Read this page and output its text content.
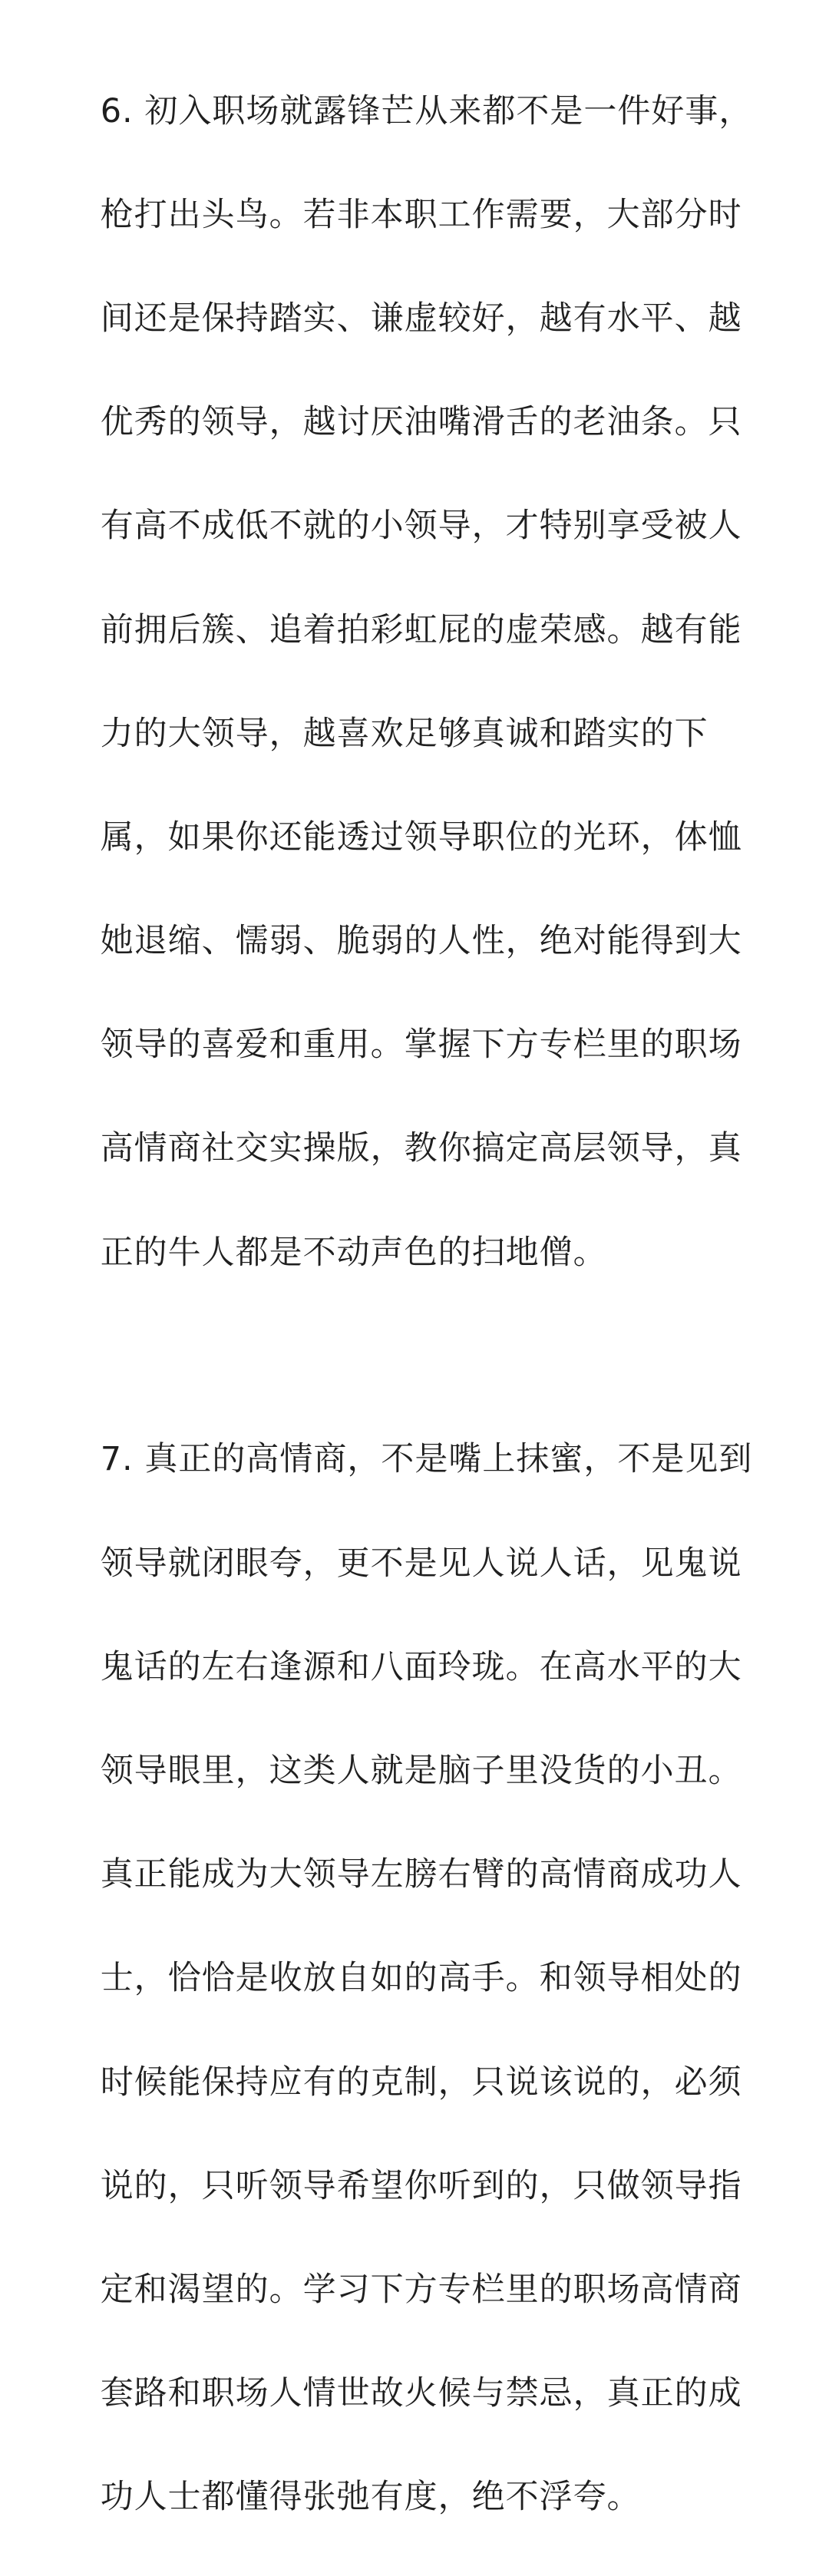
6. 初入职场就露锋芒从来都不是一件好事，

枪打出头鸟。若非本职工作需要，大部分时

间还是保持踏实、谦虚较好，越有水平、越

优秀的领导，越讨厌油嘴滑舌的老油条。只

有高不成低不就的小领导，才特别享受被人

前拥后簇、追着拍彩虹屁的虚荣感。越有能

力的大领导，越喜欢足够真诚和踏实的下

属，如果你还能透过领导职位的光环，体恤

她退缩、懦弱、脆弱的人性，绝对能得到大

领导的喜爱和重用。掌握下方专栏里的职场

高情商社交实操版，教你搞定高层领导，真

正的牛人都是不动声色的扫地僧。

7. 真正的高情商，不是嘴上抹蜜，不是见到

领导就闭眼夸，更不是见人说人话，见鬼说

鬼话的左右逢源和八面玲珑。在高水平的大

领导眼里，这类人就是脑子里没货的小丑。

真正能成为大领导左膀右臂的高情商成功人

士，恰恰是收放自如的高手。和领导相处的

时候能保持应有的克制，只说该说的，必须

说的，只听领导希望你听到的，只做领导指

定和渴望的。学习下方专栏里的职场高情商

套路和职场人情世故火候与禁忌，真正的成

功人士都懂得张弛有度，绝不浮夸。
